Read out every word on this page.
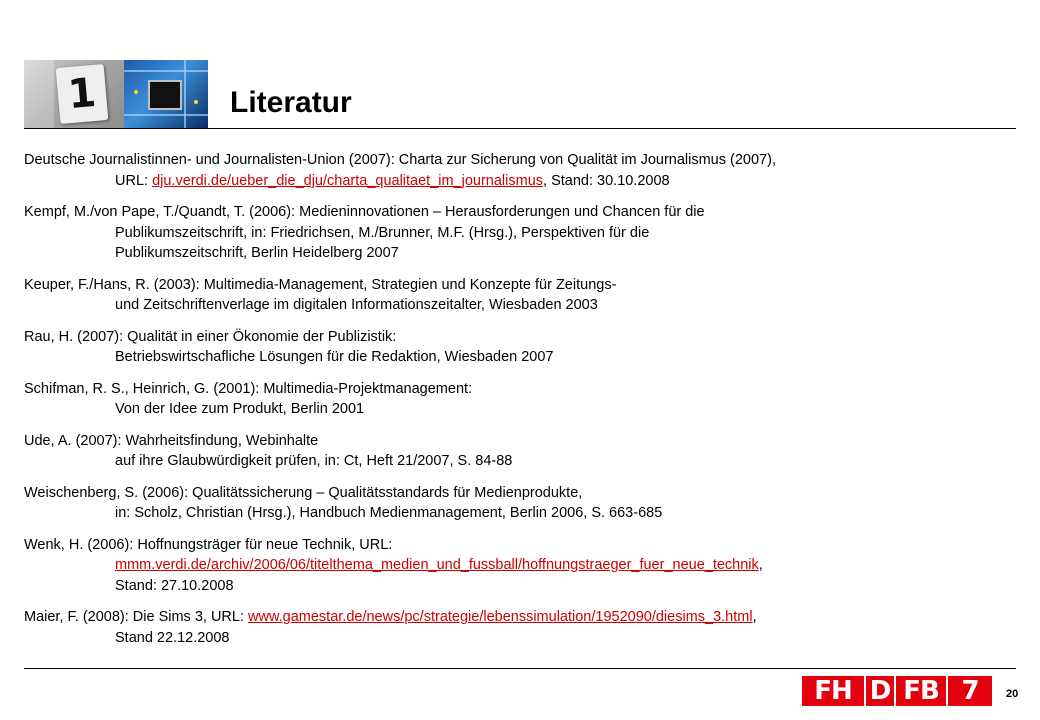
1	Literatur
Deutsche Journalistinnen- und Journalisten-Union (2007): Charta zur Sicherung von Qualität im Journalismus (2007),
URL: dju.verdi.de/ueber_die_dju/charta_qualitaet_im_journalismus, Stand: 30.10.2008
Kempf, M./von Pape, T./Quandt, T. (2006): Medieninnovationen – Herausforderungen und Chancen für die
Publikumszeitschrift, in: Friedrichsen, M./Brunner, M.F. (Hrsg.), Perspektiven für die
Publikumszeitschrift, Berlin Heidelberg 2007
Keuper, F./Hans, R. (2003): Multimedia-Management, Strategien und Konzepte für Zeitungs-
und Zeitschriftenverlage im digitalen Informationszeitalter, Wiesbaden 2003
Rau, H. (2007): Qualität in einer Ökonomie der Publizistik:
Betriebswirtschafliche Lösungen für die Redaktion, Wiesbaden 2007
Schifman, R. S., Heinrich, G. (2001): Multimedia-Projektmanagement:
Von der Idee zum Produkt, Berlin 2001
Ude, A. (2007): Wahrheitsfindung, Webinhalte
auf ihre Glaubwürdigkeit prüfen, in: Ct, Heft 21/2007, S. 84-88
Weischenberg, S. (2006): Qualitätssicherung – Qualitätsstandards für Medienprodukte,
in: Scholz, Christian (Hrsg.), Handbuch Medienmanagement, Berlin 2006, S. 663-685
Wenk, H. (2006): Hoffnungsträger für neue Technik, URL:
mmm.verdi.de/archiv/2006/06/titelthema_medien_und_fussball/hoffnungstraeger_fuer_neue_technik,
Stand: 27.10.2008
Maier, F. (2008): Die Sims 3, URL: www.gamestar.de/news/pc/strategie/lebenssimulation/1952090/diesims_3.html,
Stand 22.12.2008
FH D FB 7	20
